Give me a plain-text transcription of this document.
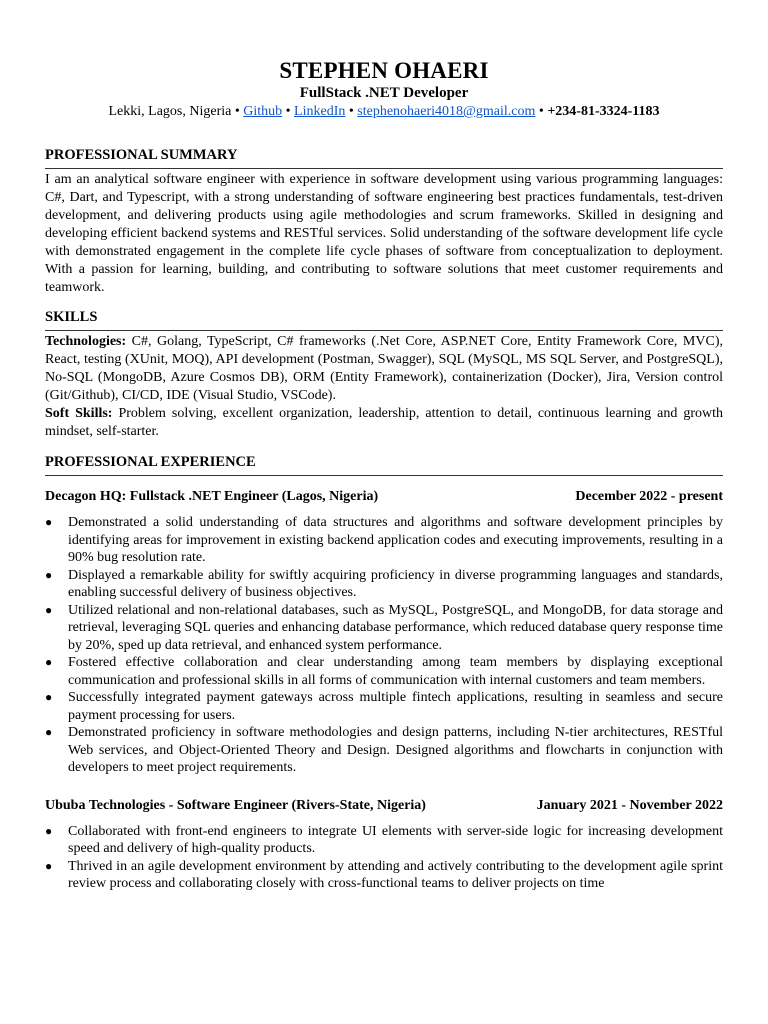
STEPHEN OHAERI
FullStack .NET Developer
Lekki, Lagos, Nigeria • Github • LinkedIn • stephenohaeri4018@gmail.com • +234-81-3324-1183
PROFESSIONAL SUMMARY
I am an analytical software engineer with experience in software development using various programming languages: C#, Dart, and Typescript, with a strong understanding of software engineering best practices fundamentals, test-driven development, and delivering products using agile methodologies and scrum frameworks. Skilled in designing and developing efficient backend systems and RESTful services. Solid understanding of the software development life cycle with demonstrated engagement in the complete life cycle phases of software from conceptualization to deployment. With a passion for learning, building, and contributing to software solutions that meet customer requirements and teamwork.
SKILLS
Technologies: C#, Golang, TypeScript, C# frameworks (.Net Core, ASP.NET Core, Entity Framework Core, MVC), React, testing (XUnit, MOQ), API development (Postman, Swagger), SQL (MySQL, MS SQL Server, and PostgreSQL), No-SQL (MongoDB, Azure Cosmos DB), ORM (Entity Framework), containerization (Docker), Jira, Version control (Git/Github), CI/CD, IDE (Visual Studio, VSCode).
Soft Skills: Problem solving, excellent organization, leadership, attention to detail, continuous learning and growth mindset, self-starter.
PROFESSIONAL EXPERIENCE
Decagon HQ: Fullstack .NET Engineer (Lagos, Nigeria)	December 2022 - present
● Demonstrated a solid understanding of data structures and algorithms and software development principles by identifying areas for improvement in existing backend application codes and executing improvements, resulting in a 90% bug resolution rate.
● Displayed a remarkable ability for swiftly acquiring proficiency in diverse programming languages and standards, enabling successful delivery of business objectives.
● Utilized relational and non-relational databases, such as MySQL, PostgreSQL, and MongoDB, for data storage and retrieval, leveraging SQL queries and enhancing database performance, which reduced database query response time by 20%, sped up data retrieval, and enhanced system performance.
● Fostered effective collaboration and clear understanding among team members by displaying exceptional communication and professional skills in all forms of communication with internal customers and team members.
● Successfully integrated payment gateways across multiple fintech applications, resulting in seamless and secure payment processing for users.
● Demonstrated proficiency in software methodologies and design patterns, including N-tier architectures, RESTful Web services, and Object-Oriented Theory and Design. Designed algorithms and flowcharts in conjunction with developers to meet project requirements.
Ububa Technologies - Software Engineer (Rivers-State, Nigeria)	January 2021 - November 2022
● Collaborated with front-end engineers to integrate UI elements with server-side logic for increasing development speed and delivery of high-quality products.
● Thrived in an agile development environment by attending and actively contributing to the development agile sprint review process and collaborating closely with cross-functional teams to deliver projects on time
